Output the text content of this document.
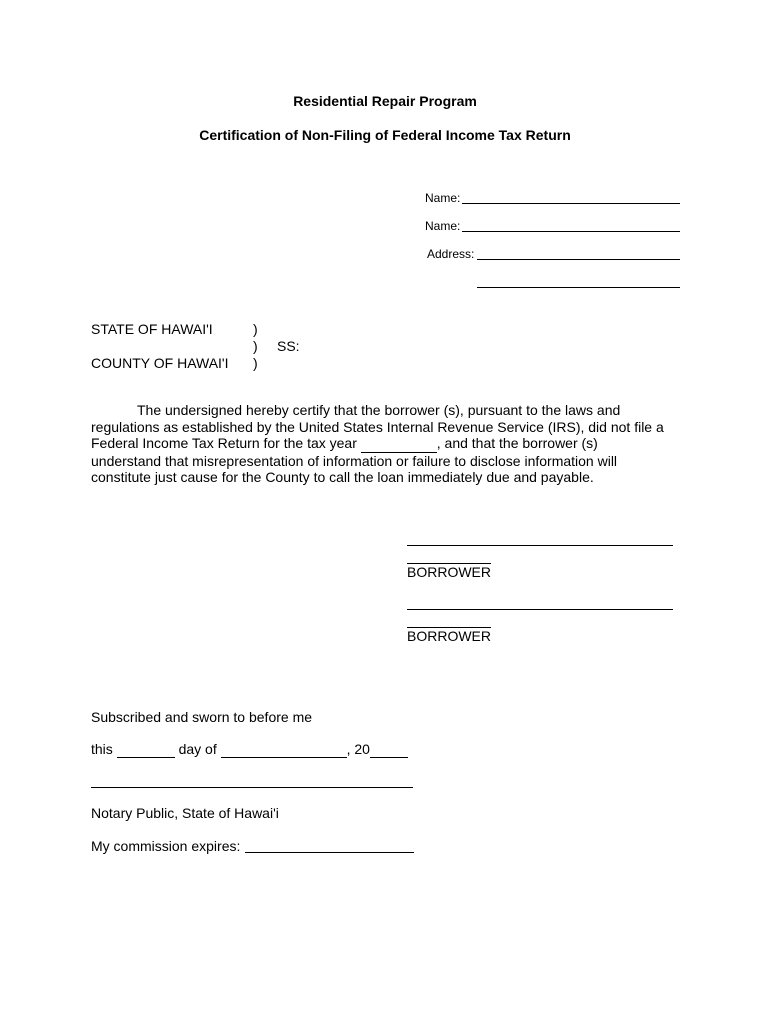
Residential Repair Program
Certification of Non-Filing of Federal Income Tax Return
Name:
Name:
Address:
STATE OF HAWAI'I	)
) SS:
COUNTY OF HAWAI'I )
The undersigned hereby certify that the borrower (s), pursuant to the laws and regulations as established by the United States Internal Revenue Service (IRS), did not file a Federal Income Tax Return for the tax year	, and that the borrower (s) understand that misrepresentation of information or failure to disclose information will constitute just cause for the County to call the loan immediately due and payable.
BORROWER
BORROWER
Subscribed and sworn to before me
this	day of	, 20
Notary Public, State of Hawai'i
My commission expires:
